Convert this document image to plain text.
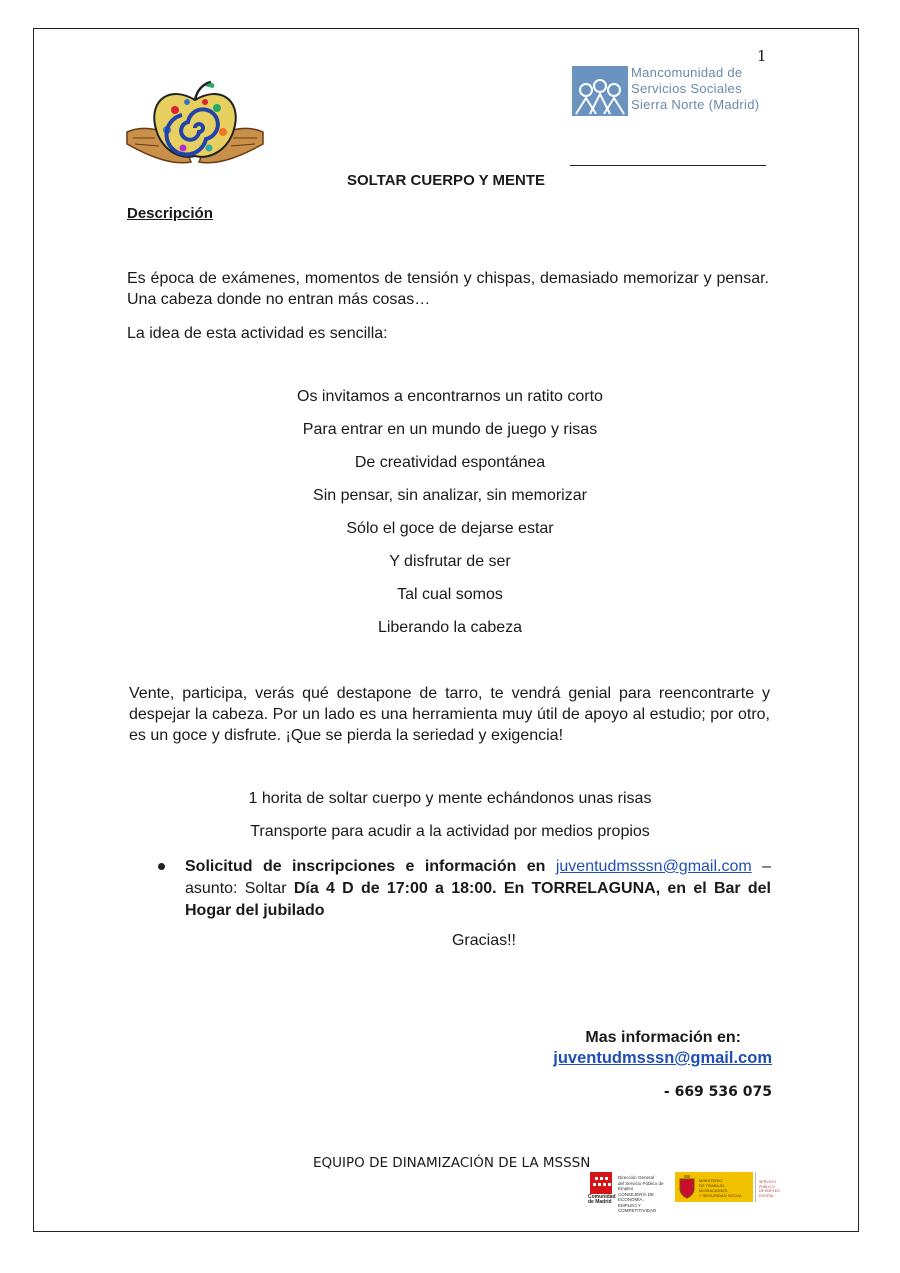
1
Mancomunidad de
Servicios Sociales
Sierra Norte (Madrid)
SOLTAR CUERPO Y MENTE
Descripción
Es época de exámenes, momentos de tensión y chispas, demasiado memorizar y pensar. Una cabeza donde no entran más cosas…
La idea de esta actividad es sencilla:
Os invitamos a encontrarnos un ratito corto
Para entrar en un mundo de juego y risas
De creatividad espontánea
Sin pensar, sin analizar, sin memorizar
Sólo el goce de dejarse estar
Y disfrutar de ser
Tal cual somos
Liberando la cabeza
Vente, participa, verás qué destapone de tarro, te vendrá genial para reencontrarte y despejar la cabeza. Por un lado es una herramienta muy útil de apoyo al estudio; por otro, es un goce y disfrute. ¡Que se pierda la seriedad y exigencia!
1 horita de soltar cuerpo y mente echándonos unas risas
Transporte para acudir a la actividad por medios propios
Solicitud de inscripciones e información en juventudmsssn@gmail.com – asunto: Soltar Día 4 D de 17:00 a 18:00. En TORRELAGUNA, en el Bar del Hogar del jubilado
Gracias!!
Mas información en:
juventudmsssn@gmail.com
- 669 536 075
EQUIPO DE DINAMIZACIÓN DE LA MSSSN
Comunidad de Madrid
Dirección General
del Servicio Público de Empleo
CONSEJERÍA DE ECONOMÍA,
EMPLEO Y COMPETITIVIDAD
MINISTERIO
DE TRABAJO, MIGRACIONES
Y SEGURIDAD SOCIAL
SERVICIO PÚBLICO
DE EMPLEO ESTATAL
